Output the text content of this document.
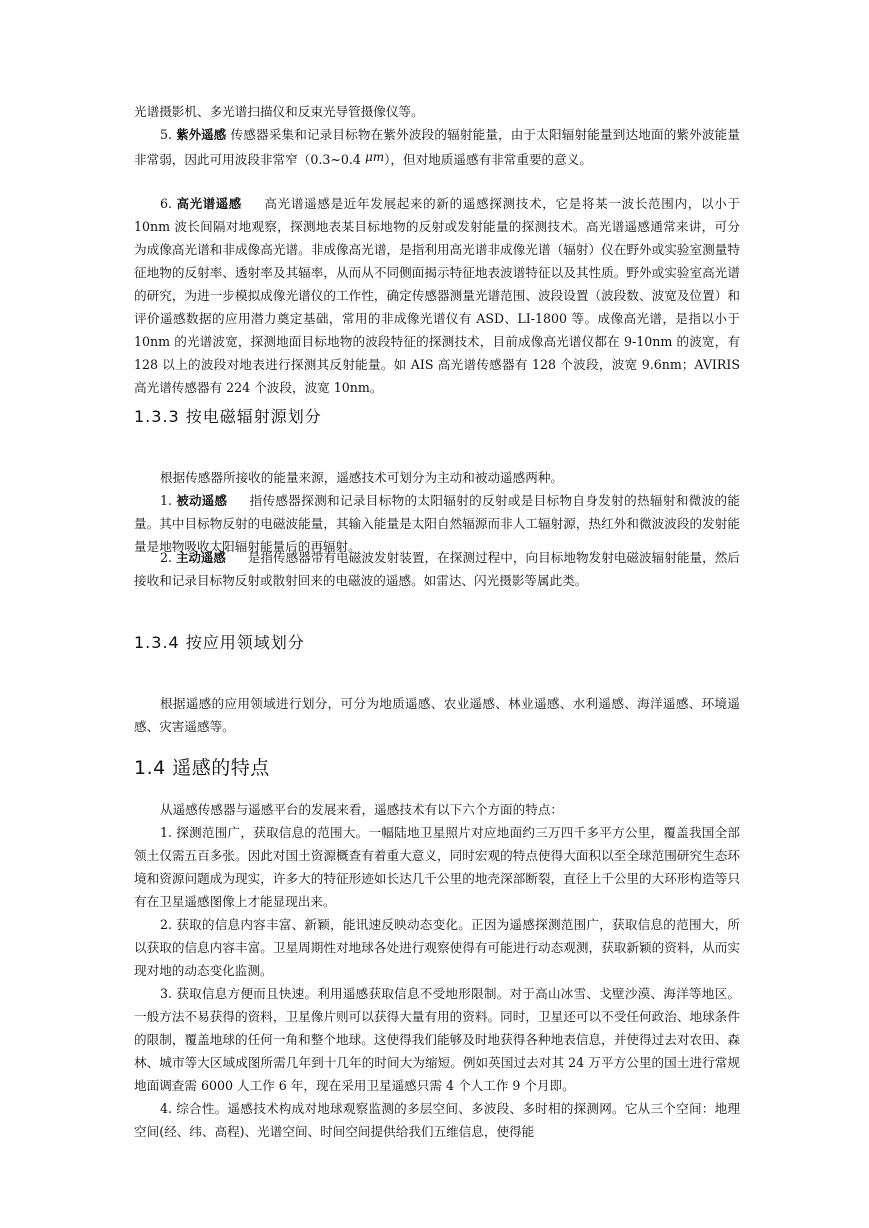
光谱摄影机、多光谱扫描仪和反束光导管摄像仪等。

5. 紫外遥感 传感器采集和记录目标物在紫外波段的辐射能量，由于太阳辐射能量到达地面的紫外波能量非常弱，因此可用波段非常窄（0.3~0.4 μm），但对地质遥感有非常重要的意义。

6. 高光谱遥感 高光谱遥感是近年发展起来的新的遥感探测技术，它是将某一波长范围内，以小于 10nm 波长间隔对地观察，探测地表某目标地物的反射或发射能量的探测技术。高光谱遥感通常来讲，可分为成像高光谱和非成像高光谱。非成像高光谱，是指利用高光谱非成像光谱（辐射）仪在野外或实验室测量特征地物的反射率、透射率及其辐率，从而从不同侧面揭示特征地表波谱特征以及其性质。野外或实验室高光谱的研究，为进一步模拟成像光谱仪的工作性，确定传感器测量光谱范围、波段设置（波段数、波宽及位置）和评价遥感数据的应用潜力奠定基础，常用的非成像光谱仪有 ASD、LI-1800 等。成像高光谱，是指以小于 10nm 的光谱波宽，探测地面目标地物的波段特征的探测技术，目前成像高光谱仪都在 9-10nm 的波宽，有 128 以上的波段对地表进行探测其反射能量。如 AIS 高光谱传感器有 128 个波段，波宽 9.6nm；AVIRIS 高光谱传感器有 224 个波段，波宽 10nm。

1.3.3 按电磁辐射源划分

根据传感器所接收的能量来源，遥感技术可划分为主动和被动遥感两种。

1. 被动遥感 指传感器探测和记录目标物的太阳辐射的反射或是目标物自身发射的热辐射和微波的能量。其中目标物反射的电磁波能量，其输入能量是太阳自然辐源而非人工辐射源，热红外和微波波段的发射能量是地物吸收太阳辐射能量后的再辐射。

2. 主动遥感 是指传感器带有电磁波发射装置，在探测过程中，向目标地物发射电磁波辐射能量，然后接收和记录目标物反射或散射回来的电磁波的遥感。如雷达、闪光摄影等属此类。

1.3.4 按应用领域划分

根据遥感的应用领域进行划分，可分为地质遥感、农业遥感、林业遥感、水利遥感、海洋遥感、环境遥感、灾害遥感等。

1.4 遥感的特点

从遥感传感器与遥感平台的发展来看，遥感技术有以下六个方面的特点：

1. 探测范围广，获取信息的范围大。一幅陆地卫星照片对应地面约三万四千多平方公里，覆盖我国全部领土仅需五百多张。因此对国土资源概查有着重大意义，同时宏观的特点使得大面积以至全球范围研究生态环境和资源问题成为现实，许多大的特征形迹如长达几千公里的地壳深部断裂，直径上千公里的大环形构造等只有在卫星遥感图像上才能显现出来。

2. 获取的信息内容丰富、新颖，能讯速反映动态变化。正因为遥感探测范围广，获取信息的范围大，所以获取的信息内容丰富。卫星周期性对地球各处进行观察使得有可能进行动态观测，获取新颖的资料，从而实现对地的动态变化监测。

3. 获取信息方便而且快速。利用遥感获取信息不受地形限制。对于高山冰雪、戈壁沙漠、海洋等地区。一般方法不易获得的资料，卫星像片则可以获得大量有用的资料。同时，卫星还可以不受任何政治、地球条件的限制，覆盖地球的任何一角和整个地球。这使得我们能够及时地获得各种地表信息，并使得过去对农田、森林、城市等大区域成图所需几年到十几年的时间大为缩短。例如英国过去对其 24 万平方公里的国土进行常规地面调查需 6000 人工作 6 年，现在采用卫星遥感只需 4 个人工作 9 个月即。

4. 综合性。遥感技术构成对地球观察监测的多层空间、多波段、多时相的探测网。它从三个空间：地理空间(经、纬、高程)、光谱空间、时间空间提供给我们五维信息，使得能
